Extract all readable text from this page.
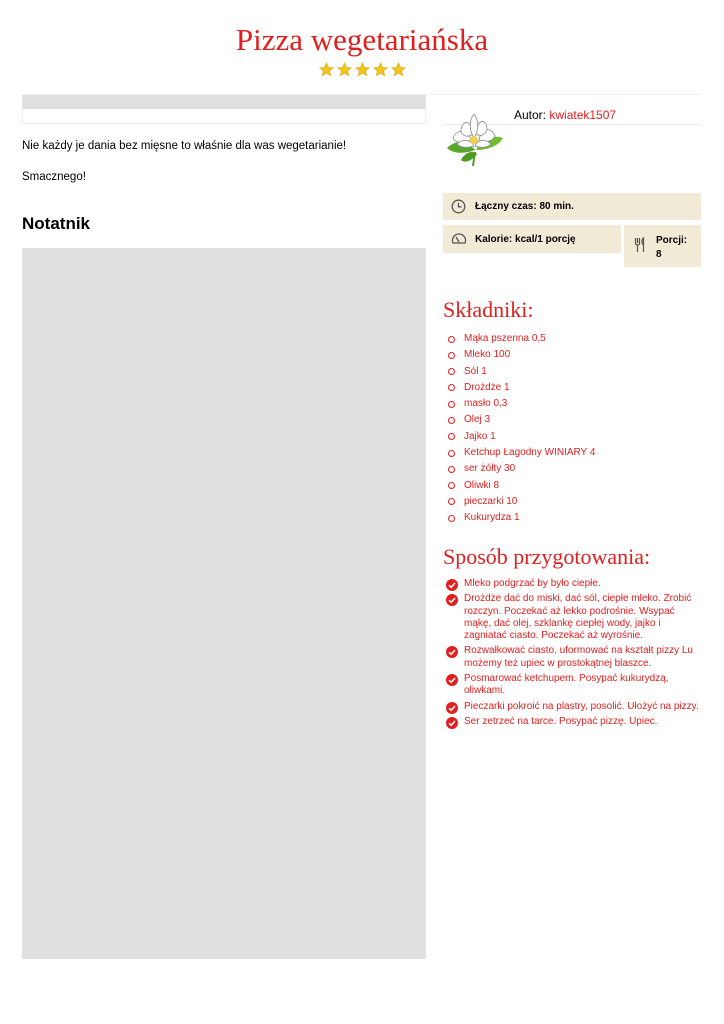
Pizza wegetariańska

Nie każdy je dania bez mięsne to właśnie dla was wegetarianie!

Smacznego!

Notatnik
Autor: kwiatek1507
Łączny czas: 80 min.
Kalorie: kcal/1 porcję	Porcji:
8
Składniki:
Mąka pszenna 0,5
Mleko 100
Sól 1
Drożdże 1
masło 0,3
Olej 3
Jajko 1
Ketchup Łagodny WINIARY 4
ser żółty 30
Oliwki 8
pieczarki 10
Kukurydza 1
Sposób przygotowania:
Mleko podgrzać by było ciepłe.
Drożdże dać do miski, dać sól, ciepłe mleko. Zrobić rozczyn. Poczekać aż lekko podrośnie. Wsypać mąkę, dać olej, szklankę ciepłej wody, jajko i zagniatać ciasto. Poczekać aż wyrośnie.
Rozwałkować ciasto, uformować na kształt pizzy Lu możemy też upiec w prostokątnej blaszce.
Posmarować ketchupem. Posypać kukurydzą, oliwkami.
Pieczarki pokroić na plastry, posolić. Ułożyć na pizzy.
Ser zetrzeć na tarce. Posypać pizzę. Upiec.
